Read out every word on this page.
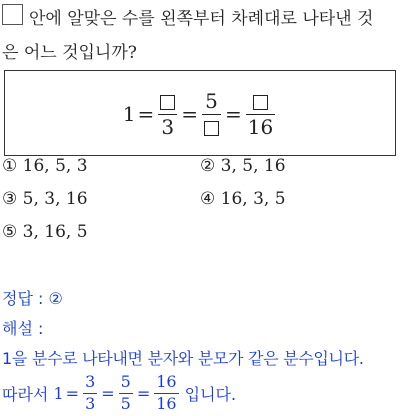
안에 알맞은 수를 왼쪽부터 차례대로 나타낸 것
은 어느 것입니까?
1 =
3
=
5
=
16
① 16, 5, 3	② 3, 5, 16
③ 5, 3, 16	④ 16, 3, 5
⑤ 3, 16, 5
정답 : ②
해설 :
1을 분수로 나타내면 분자와 분모가 같은 분수입니다.
따라서 $1 = \frac{3}{3} = \frac{5}{5} = \frac{16}{16}$ 입니다.
